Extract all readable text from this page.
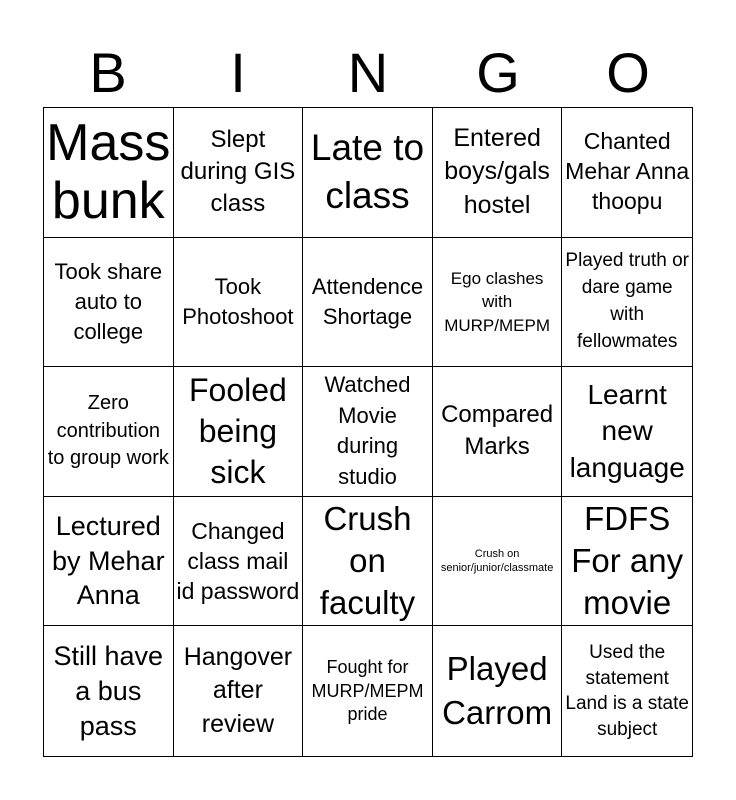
B	I	N	G	O
Mass bunk
Slept during GIS class
Late to class
Entered boys/gals hostel
Chanted Mehar Anna thoopu
Took share auto to college
Took Photoshoot
Attendence Shortage
Ego clashes with MURP/MEPM
Played truth or dare game with fellowmates
Zero contribution to group work
Fooled being sick
Watched Movie during studio
Compared Marks
Learnt new language
Lectured by Mehar Anna
Changed class mail id password
Crush on faculty
Crush on senior/junior/classmate
FDFS For any movie
Still have a bus pass
Hangover after review
Fought for MURP/MEPM pride
Played Carrom
Used the statement Land is a state subject
